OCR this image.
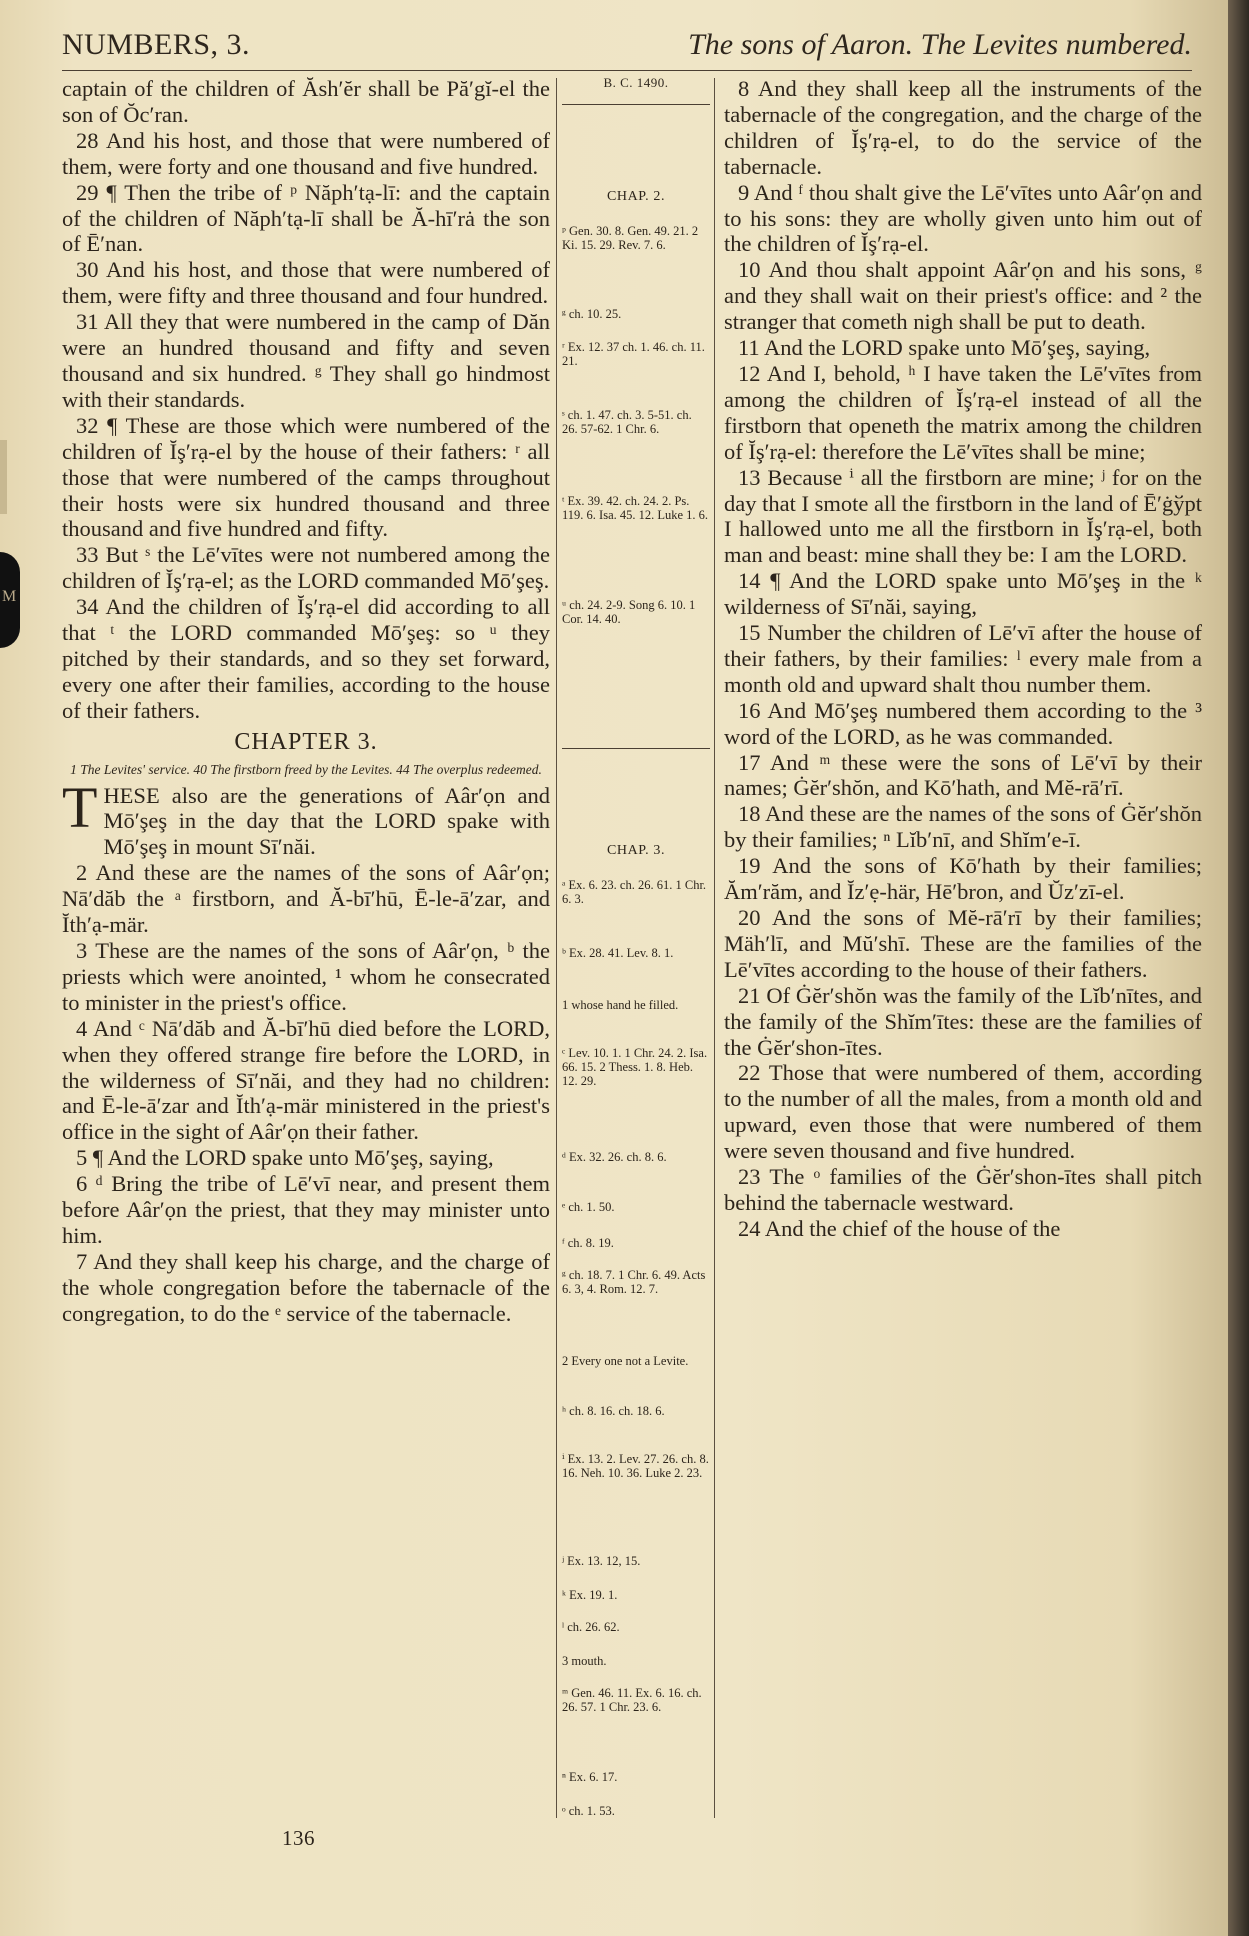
M
NUMBERS, 3.	The sons of Aaron. The Levites numbered.

captain of the children of Ăsh′ĕr shall be Pă′gĭ-el the son of Ŏc′ran.

28 And his host, and those that were numbered of them, were forty and one thousand and five hundred.

29 ¶ Then the tribe of ᵖ Năph′tạ-lī: and the captain of the children of Năph′tạ-lī shall be Ă-hī′rȧ the son of Ē′nan.

30 And his host, and those that were numbered of them, were fifty and three thousand and four hundred.

31 All they that were numbered in the camp of Dăn were an hundred thousand and fifty and seven thousand and six hundred. ᵍ They shall go hindmost with their standards.

32 ¶ These are those which were numbered of the children of Ĭş′rạ-el by the house of their fathers: ʳ all those that were numbered of the camps throughout their hosts were six hundred thousand and three thousand and five hundred and fifty.

33 But ˢ the Lē′vītes were not numbered among the children of Ĭş′rạ-el; as the LORD commanded Mō′şeş.

34 And the children of Ĭş′rạ-el did according to all that ᵗ the LORD commanded Mō′şeş: so ᵘ they pitched by their standards, and so they set forward, every one after their families, according to the house of their fathers.

CHAPTER 3.
1 The Levites' service. 40 The firstborn freed by the Levites. 44 The overplus redeemed.

THESE also are the generations of Aâr′ọn and Mō′şeş in the day that the LORD spake with Mō′şeş in mount Sī′năi.

2 And these are the names of the sons of Aâr′ọn; Nā′dăb the ᵃ firstborn, and Ă-bī′hū, Ē-le-ā′zar, and Ĭth′ạ-mär.

3 These are the names of the sons of Aâr′ọn, ᵇ the priests which were anointed, ¹ whom he consecrated to minister in the priest's office.

4 And ᶜ Nā′dăb and Ă-bī′hū died before the LORD, when they offered strange fire before the LORD, in the wilderness of Sī′năi, and they had no children: and Ē-le-ā′zar and Ĭth′ạ-mär ministered in the priest's office in the sight of Aâr′ọn their father.

5 ¶ And the LORD spake unto Mō′şeş, saying,

6 ᵈ Bring the tribe of Lē′vī near, and present them before Aâr′ọn the priest, that they may minister unto him.

7 And they shall keep his charge, and the charge of the whole congregation before the tabernacle of the congregation, to do the ᵉ service of the tabernacle.

B. C. 1490.
CHAP. 2.
ᵖ Gen. 30. 8. Gen. 49. 21. 2 Ki. 15. 29. Rev. 7. 6.
ᵍ ch. 10. 25.
ʳ Ex. 12. 37 ch. 1. 46. ch. 11. 21.
ˢ ch. 1. 47. ch. 3. 5-51. ch. 26. 57-62. 1 Chr. 6.
ᵗ Ex. 39. 42. ch. 24. 2. Ps. 119. 6. Isa. 45. 12. Luke 1. 6.
ᵘ ch. 24. 2-9. Song 6. 10. 1 Cor. 14. 40.
CHAP. 3.
ᵃ Ex. 6. 23. ch. 26. 61. 1 Chr. 6. 3.
ᵇ Ex. 28. 41. Lev. 8. 1.
1 whose hand he filled.
ᶜ Lev. 10. 1. 1 Chr. 24. 2. Isa. 66. 15. 2 Thess. 1. 8. Heb. 12. 29.
ᵈ Ex. 32. 26. ch. 8. 6.
ᵉ ch. 1. 50.
ᶠ ch. 8. 19.
ᵍ ch. 18. 7. 1 Chr. 6. 49. Acts 6. 3, 4. Rom. 12. 7.
2 Every one not a Levite.
ʰ ch. 8. 16. ch. 18. 6.
ⁱ Ex. 13. 2. Lev. 27. 26. ch. 8. 16. Neh. 10. 36. Luke 2. 23.
ʲ Ex. 13. 12, 15.
ᵏ Ex. 19. 1.
ˡ ch. 26. 62.
3 mouth.
ᵐ Gen. 46. 11. Ex. 6. 16. ch. 26. 57. 1 Chr. 23. 6.
ⁿ Ex. 6. 17.
ᵒ ch. 1. 53.

8 And they shall keep all the instruments of the tabernacle of the congregation, and the charge of the children of Ĭş′rạ-el, to do the service of the tabernacle.

9 And ᶠ thou shalt give the Lē′vītes unto Aâr′ọn and to his sons: they are wholly given unto him out of the children of Ĭş′rạ-el.

10 And thou shalt appoint Aâr′ọn and his sons, ᵍ and they shall wait on their priest's office: and ² the stranger that cometh nigh shall be put to death.

11 And the LORD spake unto Mō′şeş, saying,

12 And I, behold, ʰ I have taken the Lē′vītes from among the children of Ĭş′rạ-el instead of all the firstborn that openeth the matrix among the children of Ĭş′rạ-el: therefore the Lē′vītes shall be mine;

13 Because ⁱ all the firstborn are mine; ʲ for on the day that I smote all the firstborn in the land of Ē′ġўpt I hallowed unto me all the firstborn in Ĭş′rạ-el, both man and beast: mine shall they be: I am the LORD.

14 ¶ And the LORD spake unto Mō′şeş in the ᵏ wilderness of Sī′năi, saying,

15 Number the children of Lē′vī after the house of their fathers, by their families: ˡ every male from a month old and upward shalt thou number them.

16 And Mō′şeş numbered them according to the ³ word of the LORD, as he was commanded.

17 And ᵐ these were the sons of Lē′vī by their names; Ġĕr′shŏn, and Kō′hath, and Mĕ-rā′rī.

18 And these are the names of the sons of Ġĕr′shŏn by their families; ⁿ Lĭb′nī, and Shĭm′e-ī.

19 And the sons of Kō′hath by their families; Ăm′răm, and Ĭz′ẹ-här, Hē′bron, and Ŭz′zī-el.

20 And the sons of Mĕ-rā′rī by their families; Mäh′lī, and Mŭ′shī. These are the families of the Lē′vītes according to the house of their fathers.

21 Of Ġĕr′shŏn was the family of the Lĭb′nītes, and the family of the Shĭm′ītes: these are the families of the Ġĕr′shon-ītes.

22 Those that were numbered of them, according to the number of all the males, from a month old and upward, even those that were numbered of them were seven thousand and five hundred.

23 The ᵒ families of the Ġĕr′shon-ītes shall pitch behind the tabernacle westward.

24 And the chief of the house of the

136
